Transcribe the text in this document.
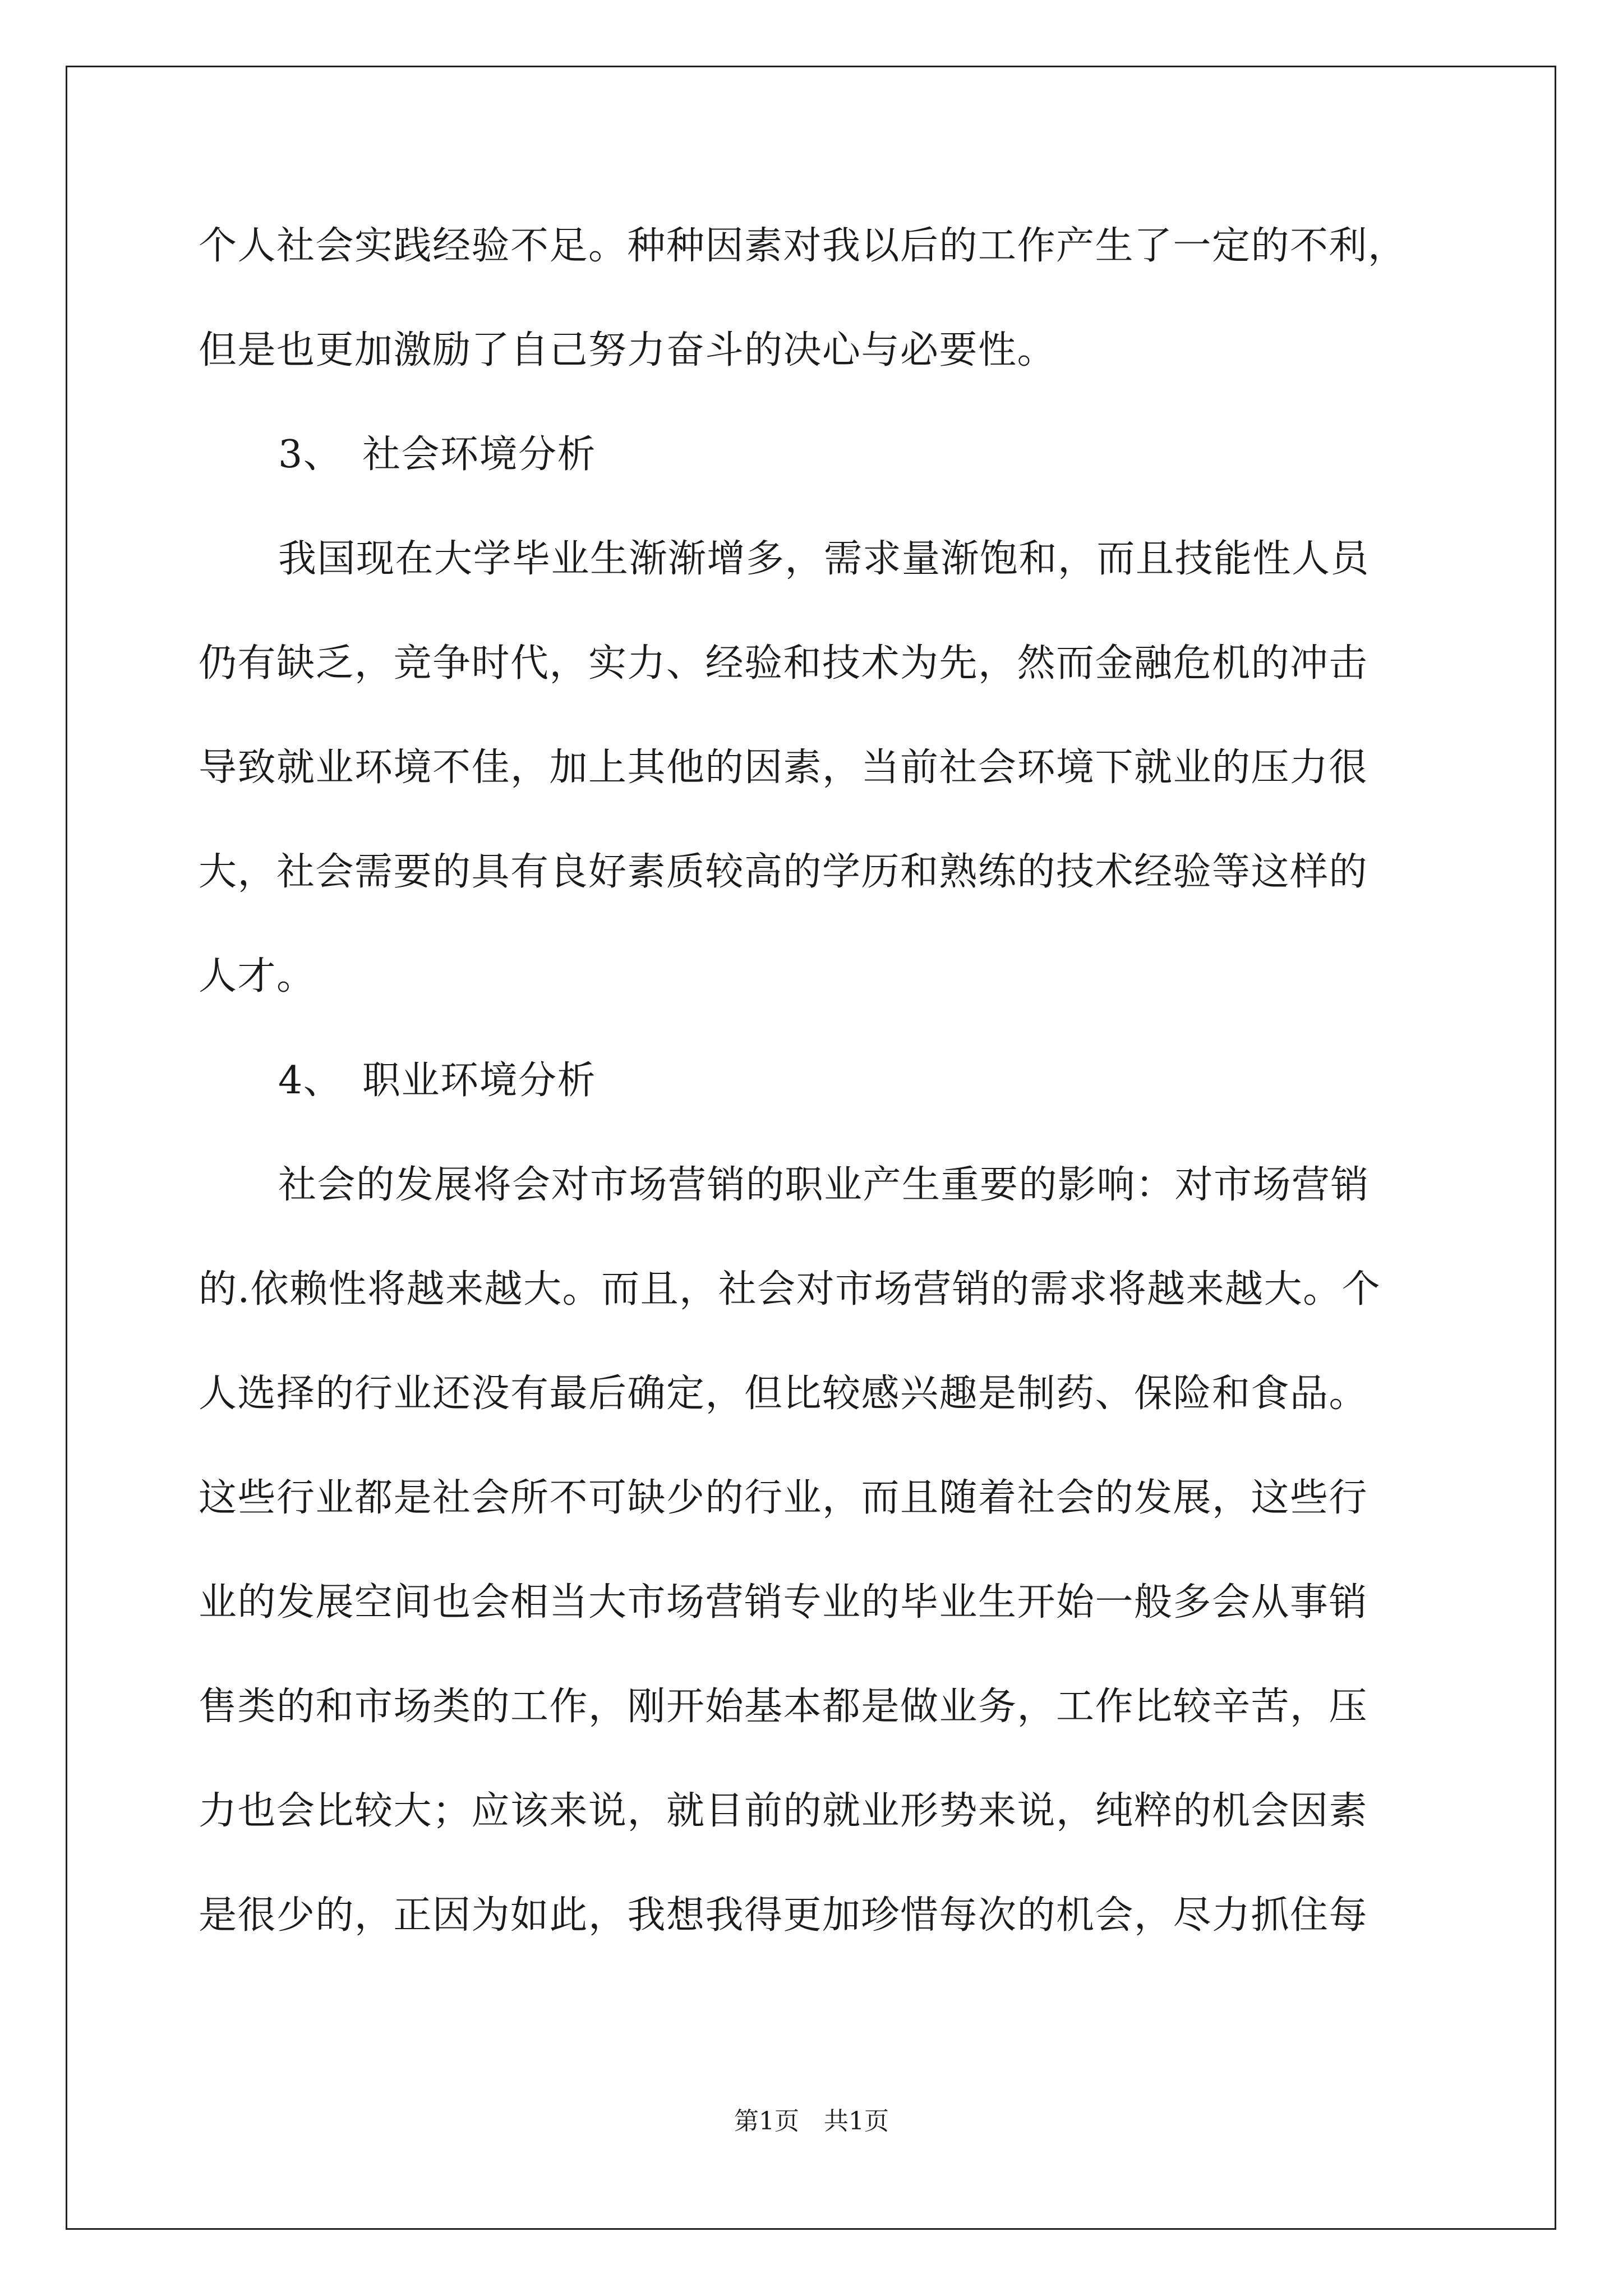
个人社会实践经验不足。种种因素对我以后的工作产生了一定的不利，
但是也更加激励了自己努力奋斗的决心与必要性。
3、 社会环境分析
我国现在大学毕业生渐渐增多，需求量渐饱和，而且技能性人员
仍有缺乏，竞争时代，实力、经验和技术为先，然而金融危机的冲击
导致就业环境不佳，加上其他的因素，当前社会环境下就业的压力很
大，社会需要的具有良好素质较高的学历和熟练的技术经验等这样的
人才。
4、 职业环境分析
社会的发展将会对市场营销的职业产生重要的影响：对市场营销
的.依赖性将越来越大。而且，社会对市场营销的需求将越来越大。个
人选择的行业还没有最后确定，但比较感兴趣是制药、保险和食品。
这些行业都是社会所不可缺少的行业，而且随着社会的发展，这些行
业的发展空间也会相当大市场营销专业的毕业生开始一般多会从事销
售类的和市场类的工作，刚开始基本都是做业务，工作比较辛苦，压
力也会比较大；应该来说，就目前的就业形势来说，纯粹的机会因素
是很少的，正因为如此，我想我得更加珍惜每次的机会，尽力抓住每
第1页　共1页
